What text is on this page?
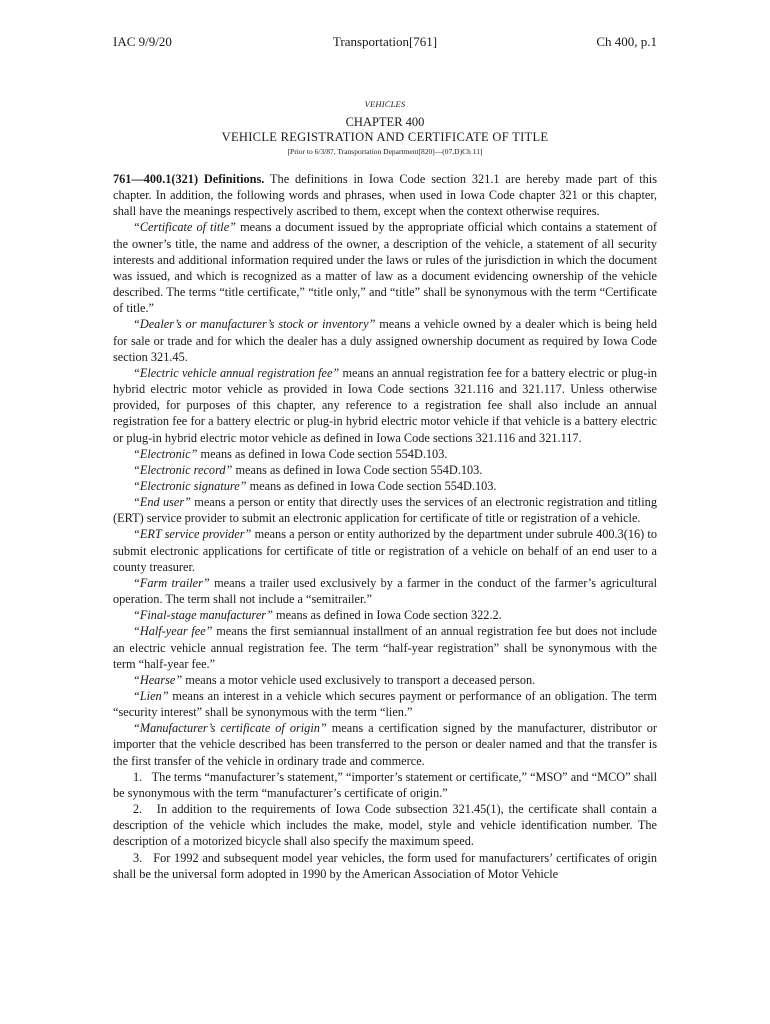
IAC 9/9/20	Transportation[761]	Ch 400, p.1
VEHICLES
CHAPTER 400
VEHICLE REGISTRATION AND CERTIFICATE OF TITLE
[Prior to 6/3/87, Transportation Department[820]—(07,D)Ch 11]

761—400.1(321) Definitions. The definitions in Iowa Code section 321.1 are hereby made part of this chapter. In addition, the following words and phrases, when used in Iowa Code chapter 321 or this chapter, shall have the meanings respectively ascribed to them, except when the context otherwise requires.

“Certificate of title” means a document issued by the appropriate official which contains a statement of the owner’s title, the name and address of the owner, a description of the vehicle, a statement of all security interests and additional information required under the laws or rules of the jurisdiction in which the document was issued, and which is recognized as a matter of law as a document evidencing ownership of the vehicle described. The terms “title certificate,” “title only,” and “title” shall be synonymous with the term “Certificate of title.”

“Dealer’s or manufacturer’s stock or inventory” means a vehicle owned by a dealer which is being held for sale or trade and for which the dealer has a duly assigned ownership document as required by Iowa Code section 321.45.

“Electric vehicle annual registration fee” means an annual registration fee for a battery electric or plug-in hybrid electric motor vehicle as provided in Iowa Code sections 321.116 and 321.117. Unless otherwise provided, for purposes of this chapter, any reference to a registration fee shall also include an annual registration fee for a battery electric or plug-in hybrid electric motor vehicle if that vehicle is a battery electric or plug-in hybrid electric motor vehicle as defined in Iowa Code sections 321.116 and 321.117.

“Electronic” means as defined in Iowa Code section 554D.103.

“Electronic record” means as defined in Iowa Code section 554D.103.

“Electronic signature” means as defined in Iowa Code section 554D.103.

“End user” means a person or entity that directly uses the services of an electronic registration and titling (ERT) service provider to submit an electronic application for certificate of title or registration of a vehicle.

“ERT service provider” means a person or entity authorized by the department under subrule 400.3(16) to submit electronic applications for certificate of title or registration of a vehicle on behalf of an end user to a county treasurer.

“Farm trailer” means a trailer used exclusively by a farmer in the conduct of the farmer’s agricultural operation. The term shall not include a “semitrailer.”

“Final-stage manufacturer” means as defined in Iowa Code section 322.2.

“Half-year fee” means the first semiannual installment of an annual registration fee but does not include an electric vehicle annual registration fee. The term “half-year registration” shall be synonymous with the term “half-year fee.”

“Hearse” means a motor vehicle used exclusively to transport a deceased person.

“Lien” means an interest in a vehicle which secures payment or performance of an obligation. The term “security interest” shall be synonymous with the term “lien.”

“Manufacturer’s certificate of origin” means a certification signed by the manufacturer, distributor or importer that the vehicle described has been transferred to the person or dealer named and that the transfer is the first transfer of the vehicle in ordinary trade and commerce.

1. The terms “manufacturer’s statement,” “importer’s statement or certificate,” “MSO” and “MCO” shall be synonymous with the term “manufacturer’s certificate of origin.”

2. In addition to the requirements of Iowa Code subsection 321.45(1), the certificate shall contain a description of the vehicle which includes the make, model, style and vehicle identification number. The description of a motorized bicycle shall also specify the maximum speed.

3. For 1992 and subsequent model year vehicles, the form used for manufacturers’ certificates of origin shall be the universal form adopted in 1990 by the American Association of Motor Vehicle
